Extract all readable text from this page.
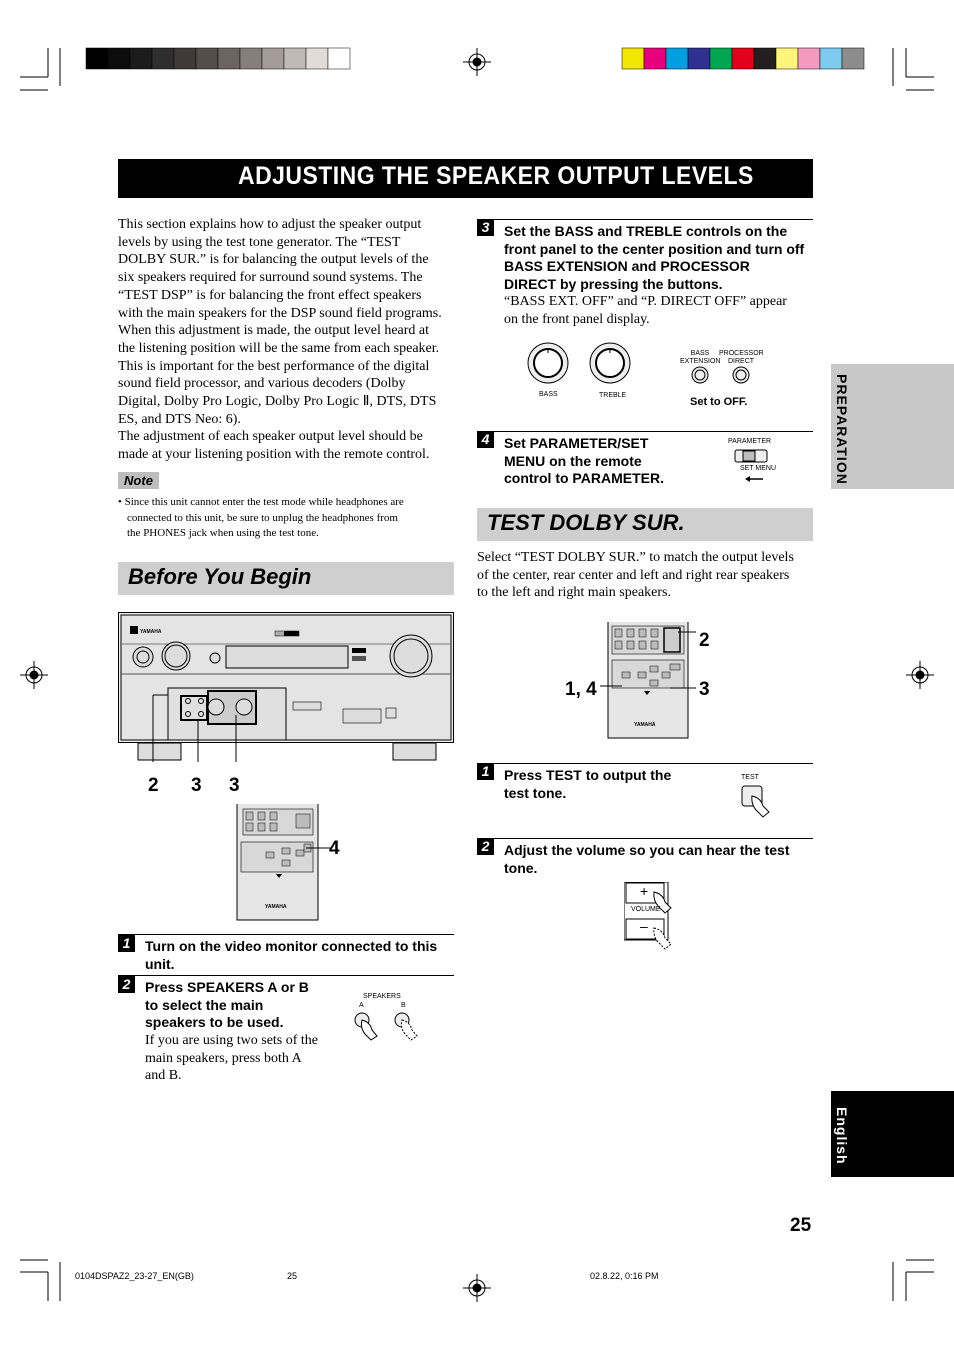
ADJUSTING THE SPEAKER OUTPUT LEVELS
This section explains how to adjust the speaker output
levels by using the test tone generator. The “TEST
DOLBY SUR.” is for balancing the output levels of the
six speakers required for surround sound systems. The
“TEST DSP” is for balancing the front effect speakers
with the main speakers for the DSP sound field programs.
When this adjustment is made, the output level heard at
the listening position will be the same from each speaker.
This is important for the best performance of the digital
sound field processor, and various decoders (Dolby
Digital, Dolby Pro Logic, Dolby Pro Logic Ⅱ, DTS, DTS
ES, and DTS Neo: 6).
The adjustment of each speaker output level should be
made at your listening position with the remote control.
Note
• Since this unit cannot enter the test mode while headphones are
connected to this unit, be sure to unplug the headphones from
the PHONES jack when using the test tone.
Before You Begin
YAMAHA
2 3 3
YAMAHA
4
1	Turn on the video monitor connected to this
unit.
2	Press SPEAKERS A or B
to select the main
speakers to be used.
If you are using two sets of the
main speakers, press both A
and B.
SPEAKERS
A	B
3	Set the BASS and TREBLE controls on the
front panel to the center position and turn off
BASS EXTENSION and PROCESSOR
DIRECT by pressing the buttons.
“BASS EXT. OFF” and “P. DIRECT OFF” appear
on the front panel display.
BASS	TREBLE
BASS
EXTENSION
PROCESSOR
DIRECT
Set to OFF.
4	Set PARAMETER/SET
MENU on the remote
control to PARAMETER.
PARAMETER
SET MENU
TEST DOLBY SUR.
Select “TEST DOLBY SUR.” to match the output levels
of the center, rear center and left and right rear speakers
to the left and right main speakers.
YAMAHA
2
1, 4	3
1	Press TEST to output the
test tone.
TEST
2	Adjust the volume so you can hear the test
tone.
+
VOLUME
–
PREPARATION
English
25
0104DSPAZ2_23-27_EN(GB)	25	02.8.22, 0:16 PM
